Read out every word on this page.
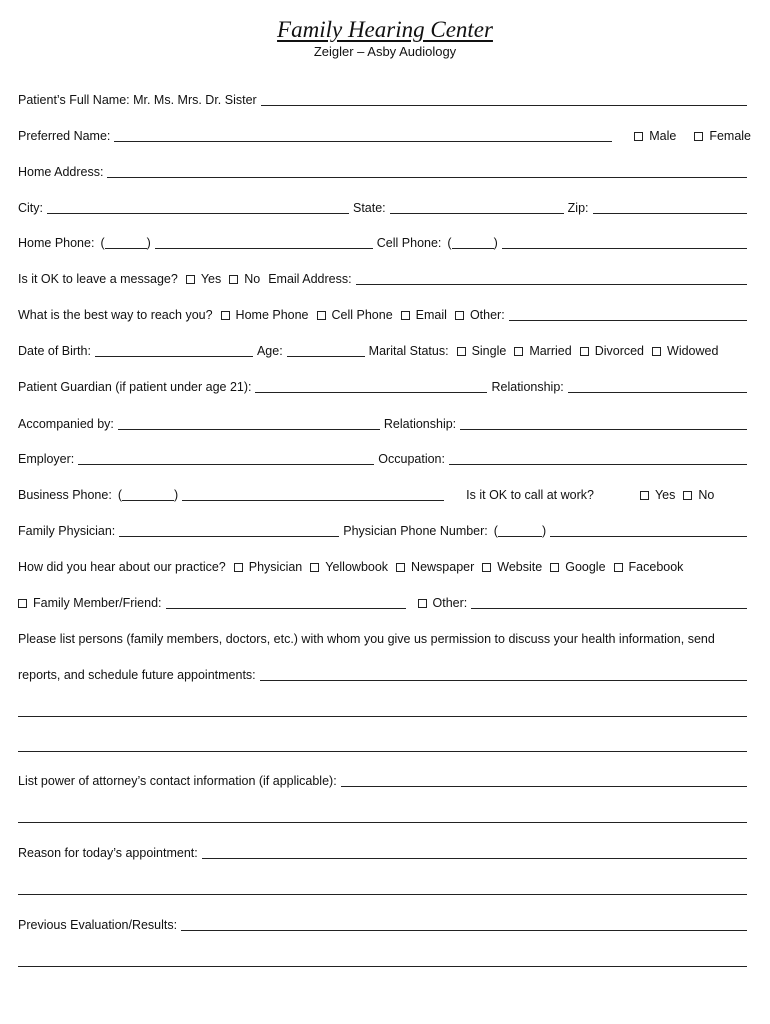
Family Hearing Center
Zeigler – Asby Audiology
Patient’s Full Name: Mr. Ms. Mrs. Dr. Sister
Preferred Name:	Male	Female
Home Address:
City:	State:	Zip:
Home Phone: (	)	Cell Phone: (	)
Is it OK to leave a message? Yes No Email Address:
What is the best way to reach you? Home Phone Cell Phone Email Other:
Date of Birth:	Age:	Marital Status: Single Married Divorced Widowed
Patient Guardian (if patient under age 21):	Relationship:
Accompanied by:	Relationship:
Employer:	Occupation:
Business Phone: (	)	Is it OK to call at work?	Yes No
Family Physician:	Physician Phone Number: (	)
How did you hear about our practice? Physician Yellowbook Newspaper Website Google Facebook
Family Member/Friend:	Other:
Please list persons (family members, doctors, etc.) with whom you give us permission to discuss your health information, send
reports, and schedule future appointments:
List power of attorney’s contact information (if applicable):
Reason for today’s appointment:
Previous Evaluation/Results:
